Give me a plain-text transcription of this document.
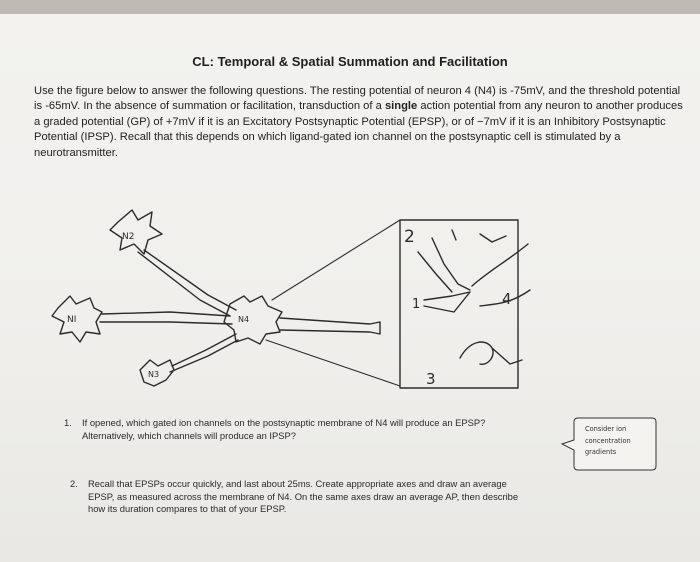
CL: Temporal & Spatial Summation and Facilitation
Use the figure below to answer the following questions. The resting potential of neuron 4 (N4) is -75mV, and the threshold potential is -65mV. In the absence of summation or facilitation, transduction of a single action potential from any neuron to another produces a graded potential (GP) of +7mV if it is an Excitatory Postsynaptic Potential (EPSP), or of −7mV if it is an Inhibitory Postsynaptic Potential (IPSP). Recall that this depends on which ligand-gated ion channel on the postsynaptic cell is stimulated by a neurotransmitter.
N2
NI
N3
N4
2
1	4
3
1. If opened, which gated ion channels on the postsynaptic membrane of N4 will produce an EPSP? Alternatively, which channels will produce an IPSP?
2. Recall that EPSPs occur quickly, and last about 25ms. Create appropriate axes and draw an average EPSP, as measured across the membrane of N4. On the same axes draw an average AP, then describe how its duration compares to that of your EPSP.
Consider ion
concentration
gradients
